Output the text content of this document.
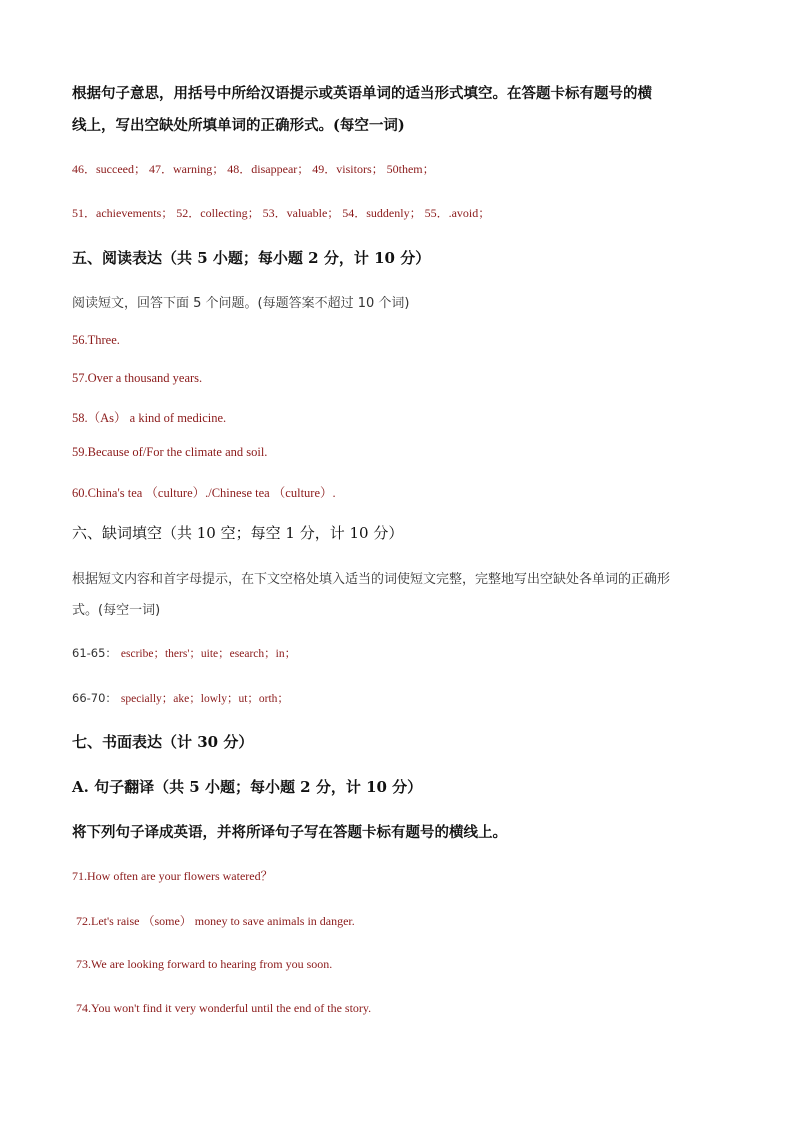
根据句子意思，用括号中所给汉语提示或英语单词的适当形式填空。在答题卡标有题号的横
线上，写出空缺处所填单词的正确形式。(每空一词)
46．succeed； 47．warning； 48．disappear； 49．visitors； 50them；
51．achievements； 52．collecting； 53．valuable； 54．suddenly； 55．.avoid；
五、阅读表达（共 5 小题；每小题 2 分，计 10 分）
阅读短文，回答下面 5 个问题。(每题答案不超过 10 个词)
56.Three.
57.Over a thousand years.
58.（As） a kind of medicine.
59.Because of/For the climate and soil.
60.China's tea （culture）./Chinese tea （culture）.
六、缺词填空（共 10 空；每空 1 分，计 10 分）
根据短文内容和首字母提示，在下文空格处填入适当的词使短文完整，完整地写出空缺处各单词的正确形
式。(每空一词)
61-65： escribe；thers'；uite；esearch；in；
66-70： specially；ake；lowly；ut；orth；
七、书面表达（计 30 分）
A. 句子翻译（共 5 小题；每小题 2 分，计 10 分）
将下列句子译成英语，并将所译句子写在答题卡标有题号的横线上。
71.How often are your flowers watered？
72.Let's raise （some） money to save animals in danger.
73.We are looking forward to hearing from you soon.
74.You won't find it very wonderful until the end of the story.
